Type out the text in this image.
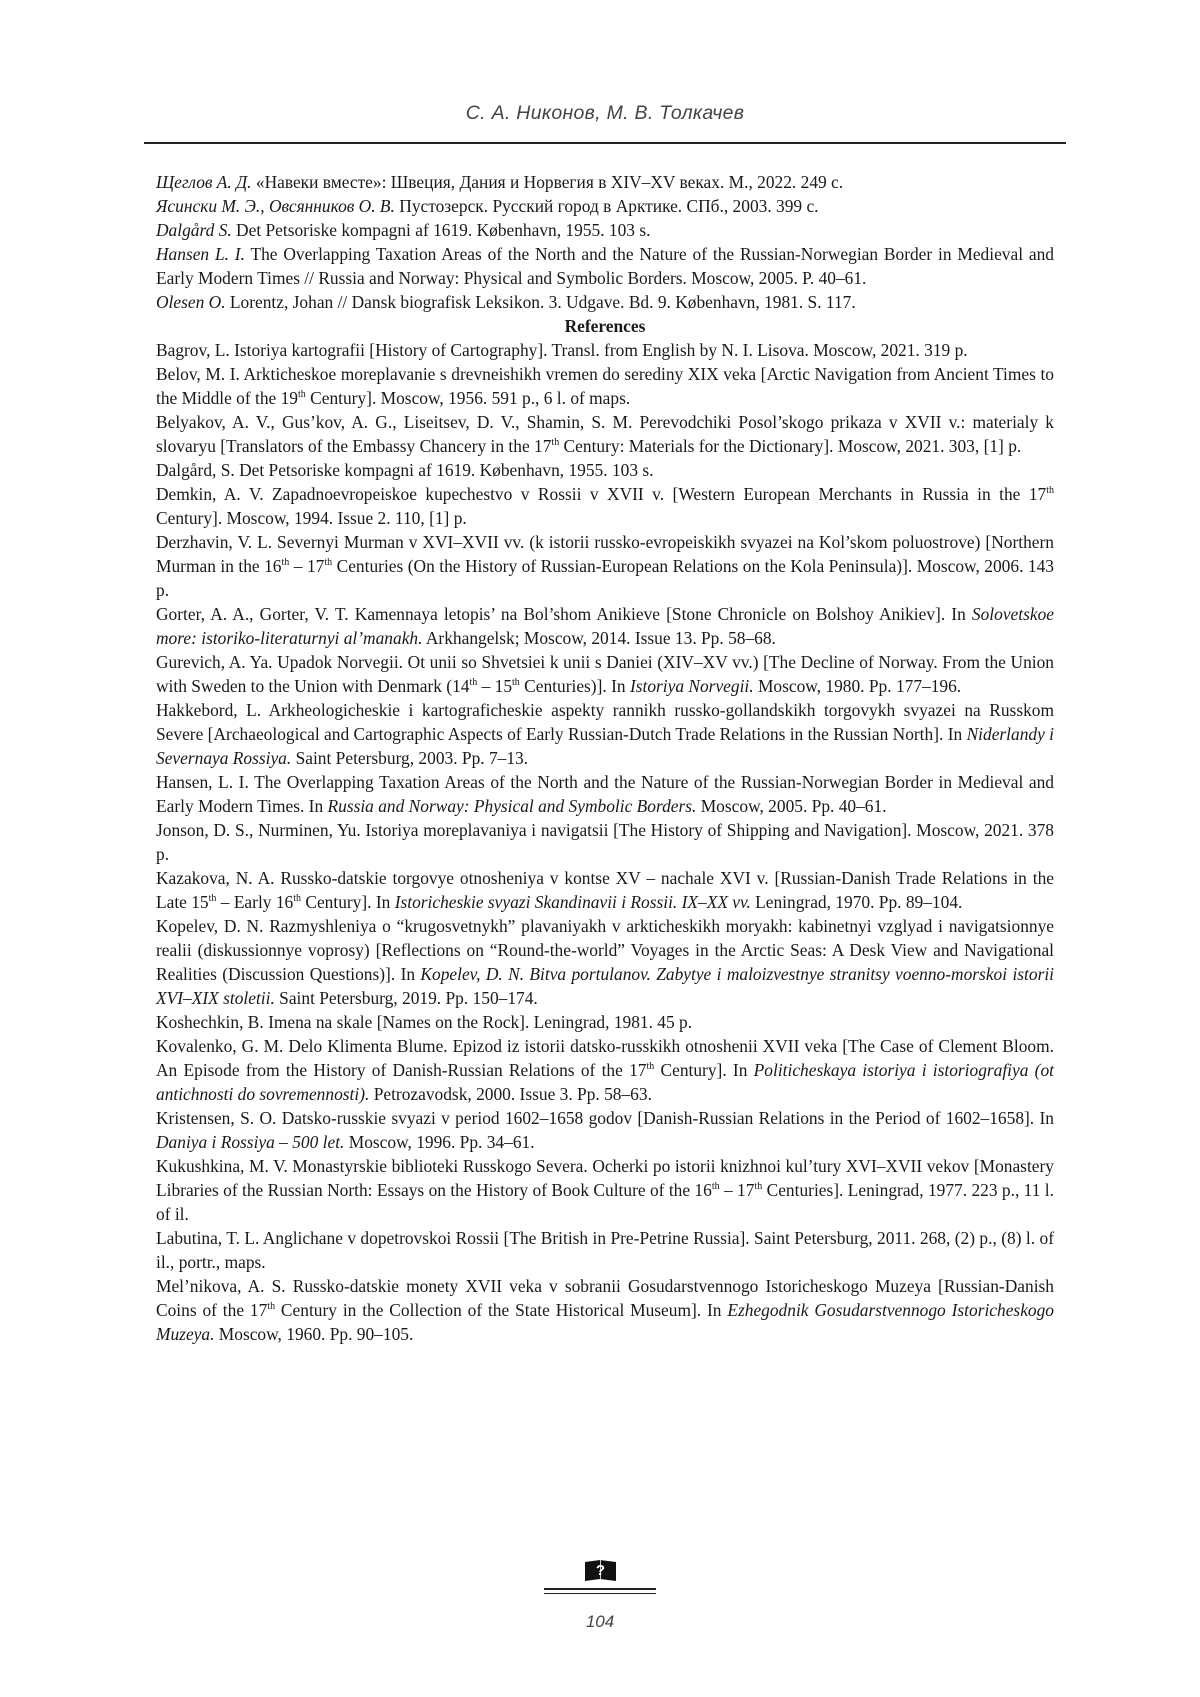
С. А. Никонов, М. В. Толкачев

Щеглов А. Д. «Навеки вместе»: Швеция, Дания и Норвегия в XIV–XV веках. М., 2022. 249 с.

Ясински М. Э., Овсянников О. В. Пустозерск. Русский город в Арктике. СПб., 2003. 399 с.

Dalgård S. Det Petsoriske kompagni af 1619. København, 1955. 103 s.

Hansen L. I. The Overlapping Taxation Areas of the North and the Nature of the Russian-Norwegian Border in Medieval and Early Modern Times // Russia and Norway: Physical and Symbolic Borders. Moscow, 2005. P. 40–61.

Olesen O. Lorentz, Johan // Dansk biografisk Leksikon. 3. Udgave. Bd. 9. København, 1981. S. 117.

References

Bagrov, L. Istoriya kartografii [History of Cartography]. Transl. from English by N. I. Lisova. Moscow, 2021. 319 p.

Belov, M. I. Arkticheskoe moreplavanie s drevneishikh vremen do serediny XIX veka [Arctic Navigation from Ancient Times to the Middle of the 19th Century]. Moscow, 1956. 591 p., 6 l. of maps.

Belyakov, A. V., Gus’kov, A. G., Liseitsev, D. V., Shamin, S. M. Perevodchiki Posol’skogo prikaza v XVII v.: materialy k slovaryu [Translators of the Embassy Chancery in the 17th Century: Materials for the Dictionary]. Moscow, 2021. 303, [1] p.

Dalgård, S. Det Petsoriske kompagni af 1619. København, 1955. 103 s.

Demkin, A. V. Zapadnoevropeiskoe kupechestvo v Rossii v XVII v. [Western European Merchants in Russia in the 17th Century]. Moscow, 1994. Issue 2. 110, [1] p.

Derzhavin, V. L. Severnyi Murman v XVI–XVII vv. (k istorii russko-evropeiskikh svyazei na Kol’skom poluostrove) [Northern Murman in the 16th – 17th Centuries (On the History of Russian-European Relations on the Kola Peninsula)]. Moscow, 2006. 143 p.

Gorter, A. A., Gorter, V. T. Kamennaya letopis’ na Bol’shom Anikieve [Stone Chronicle on Bolshoy Anikiev]. In Solovetskoe more: istoriko-literaturnyi al’manakh. Arkhangelsk; Moscow, 2014. Issue 13. Pp. 58–68.

Gurevich, A. Ya. Upadok Norvegii. Ot unii so Shvetsiei k unii s Daniei (XIV–XV vv.) [The Decline of Norway. From the Union with Sweden to the Union with Denmark (14th – 15th Centuries)]. In Istoriya Norvegii. Moscow, 1980. Pp. 177–196.

Hakkebord, L. Arkheologicheskie i kartograficheskie aspekty rannikh russko-gollandskikh torgovykh svyazei na Russkom Severe [Archaeological and Cartographic Aspects of Early Russian-Dutch Trade Relations in the Russian North]. In Niderlandy i Severnaya Rossiya. Saint Petersburg, 2003. Pp. 7–13.

Hansen, L. I. The Overlapping Taxation Areas of the North and the Nature of the Russian-Norwegian Border in Medieval and Early Modern Times. In Russia and Norway: Physical and Symbolic Borders. Moscow, 2005. Pp. 40–61.

Jonson, D. S., Nurminen, Yu. Istoriya moreplavaniya i navigatsii [The History of Shipping and Navigation]. Moscow, 2021. 378 p.

Kazakova, N. A. Russko-datskie torgovye otnosheniya v kontse XV – nachale XVI v. [Russian-Danish Trade Relations in the Late 15th – Early 16th Century]. In Istoricheskie svyazi Skandinavii i Rossii. IX–XX vv. Leningrad, 1970. Pp. 89–104.

Kopelev, D. N. Razmyshleniya o “krugosvetnykh” plavaniyakh v arkticheskikh moryakh: kabinetnyi vzglyad i navigatsionnye realii (diskussionnye voprosy) [Reflections on “Round-the-world” Voyages in the Arctic Seas: A Desk View and Navigational Realities (Discussion Questions)]. In Kopelev, D. N. Bitva portulanov. Zabytye i maloizvestnye stranitsy voenno-morskoi istorii XVI–XIX stoletii. Saint Petersburg, 2019. Pp. 150–174.

Koshechkin, B. Imena na skale [Names on the Rock]. Leningrad, 1981. 45 p.

Kovalenko, G. M. Delo Klimenta Blume. Epizod iz istorii datsko-russkikh otnoshenii XVII veka [The Case of Clement Bloom. An Episode from the History of Danish-Russian Relations of the 17th Century]. In Politicheskaya istoriya i istoriografiya (ot antichnosti do sovremennosti). Petrozavodsk, 2000. Issue 3. Pp. 58–63.

Kristensen, S. O. Datsko-russkie svyazi v period 1602–1658 godov [Danish-Russian Relations in the Period of 1602–1658]. In Daniya i Rossiya – 500 let. Moscow, 1996. Pp. 34–61.

Kukushkina, M. V. Monastyrskie biblioteki Russkogo Severa. Ocherki po istorii knizhnoi kul’tury XVI–XVII vekov [Monastery Libraries of the Russian North: Essays on the History of Book Culture of the 16th – 17th Centuries]. Leningrad, 1977. 223 p., 11 l. of il.

Labutina, T. L. Anglichane v dopetrovskoi Rossii [The British in Pre-Petrine Russia]. Saint Petersburg, 2011. 268, (2) p., (8) l. of il., portr., maps.

Mel’nikova, A. S. Russko-datskie monety XVII veka v sobranii Gosudarstvennogo Istoricheskogo Muzeya [Russian-Danish Coins of the 17th Century in the Collection of the State Historical Museum]. In Ezhegodnik Gosudarstvennogo Istoricheskogo Muzeya. Moscow, 1960. Pp. 90–105.

?
104
